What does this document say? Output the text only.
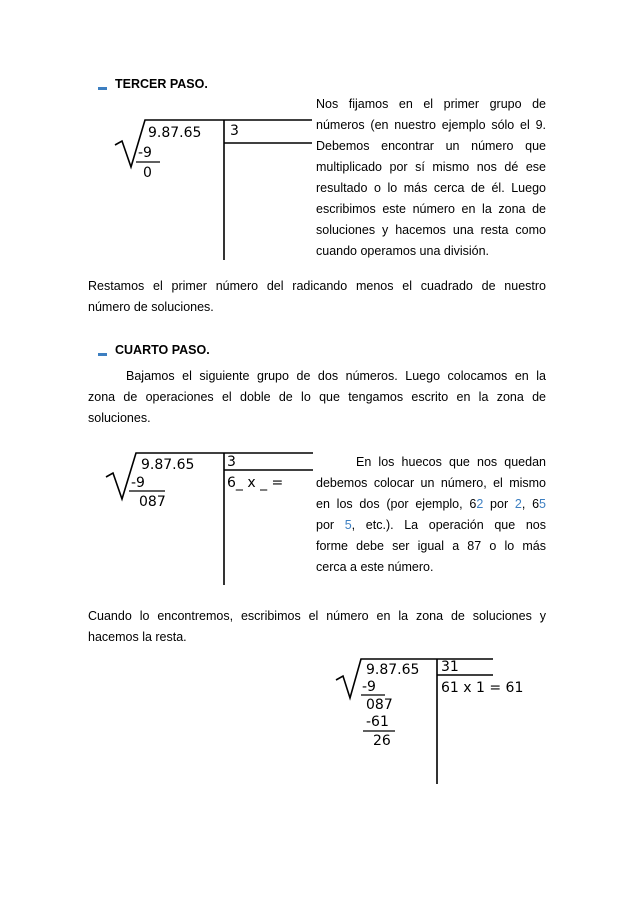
TERCER PASO.
9.87.65 3
-9
0
Nos fijamos en el primer grupo de
números (en nuestro ejemplo sólo el 9.
Debemos encontrar un número que
multiplicado por sí mismo nos dé ese
resultado o lo más cerca de él. Luego
escribimos este número en la zona de
soluciones y hacemos una resta como
cuando operamos una división.
Restamos el primer número del radicando menos el cuadrado de nuestro
número de soluciones.
CUARTO PASO.
Bajamos el siguiente grupo de dos números. Luego colocamos en la
zona de operaciones el doble de lo que tengamos escrito en la zona de
soluciones.
9.87.65 3
6_ x _ =
-9
087
En los huecos que nos quedan
debemos colocar un número, el mismo
en los dos (por ejemplo, 62 por 2, 65
por 5, etc.). La operación que nos
forme debe ser igual a 87 o lo más
cerca a este número.
Cuando lo encontremos, escribimos el número en la zona de soluciones y
hacemos la resta.
9.87.65 31
61 x 1 = 61
-9
087
-61
26
